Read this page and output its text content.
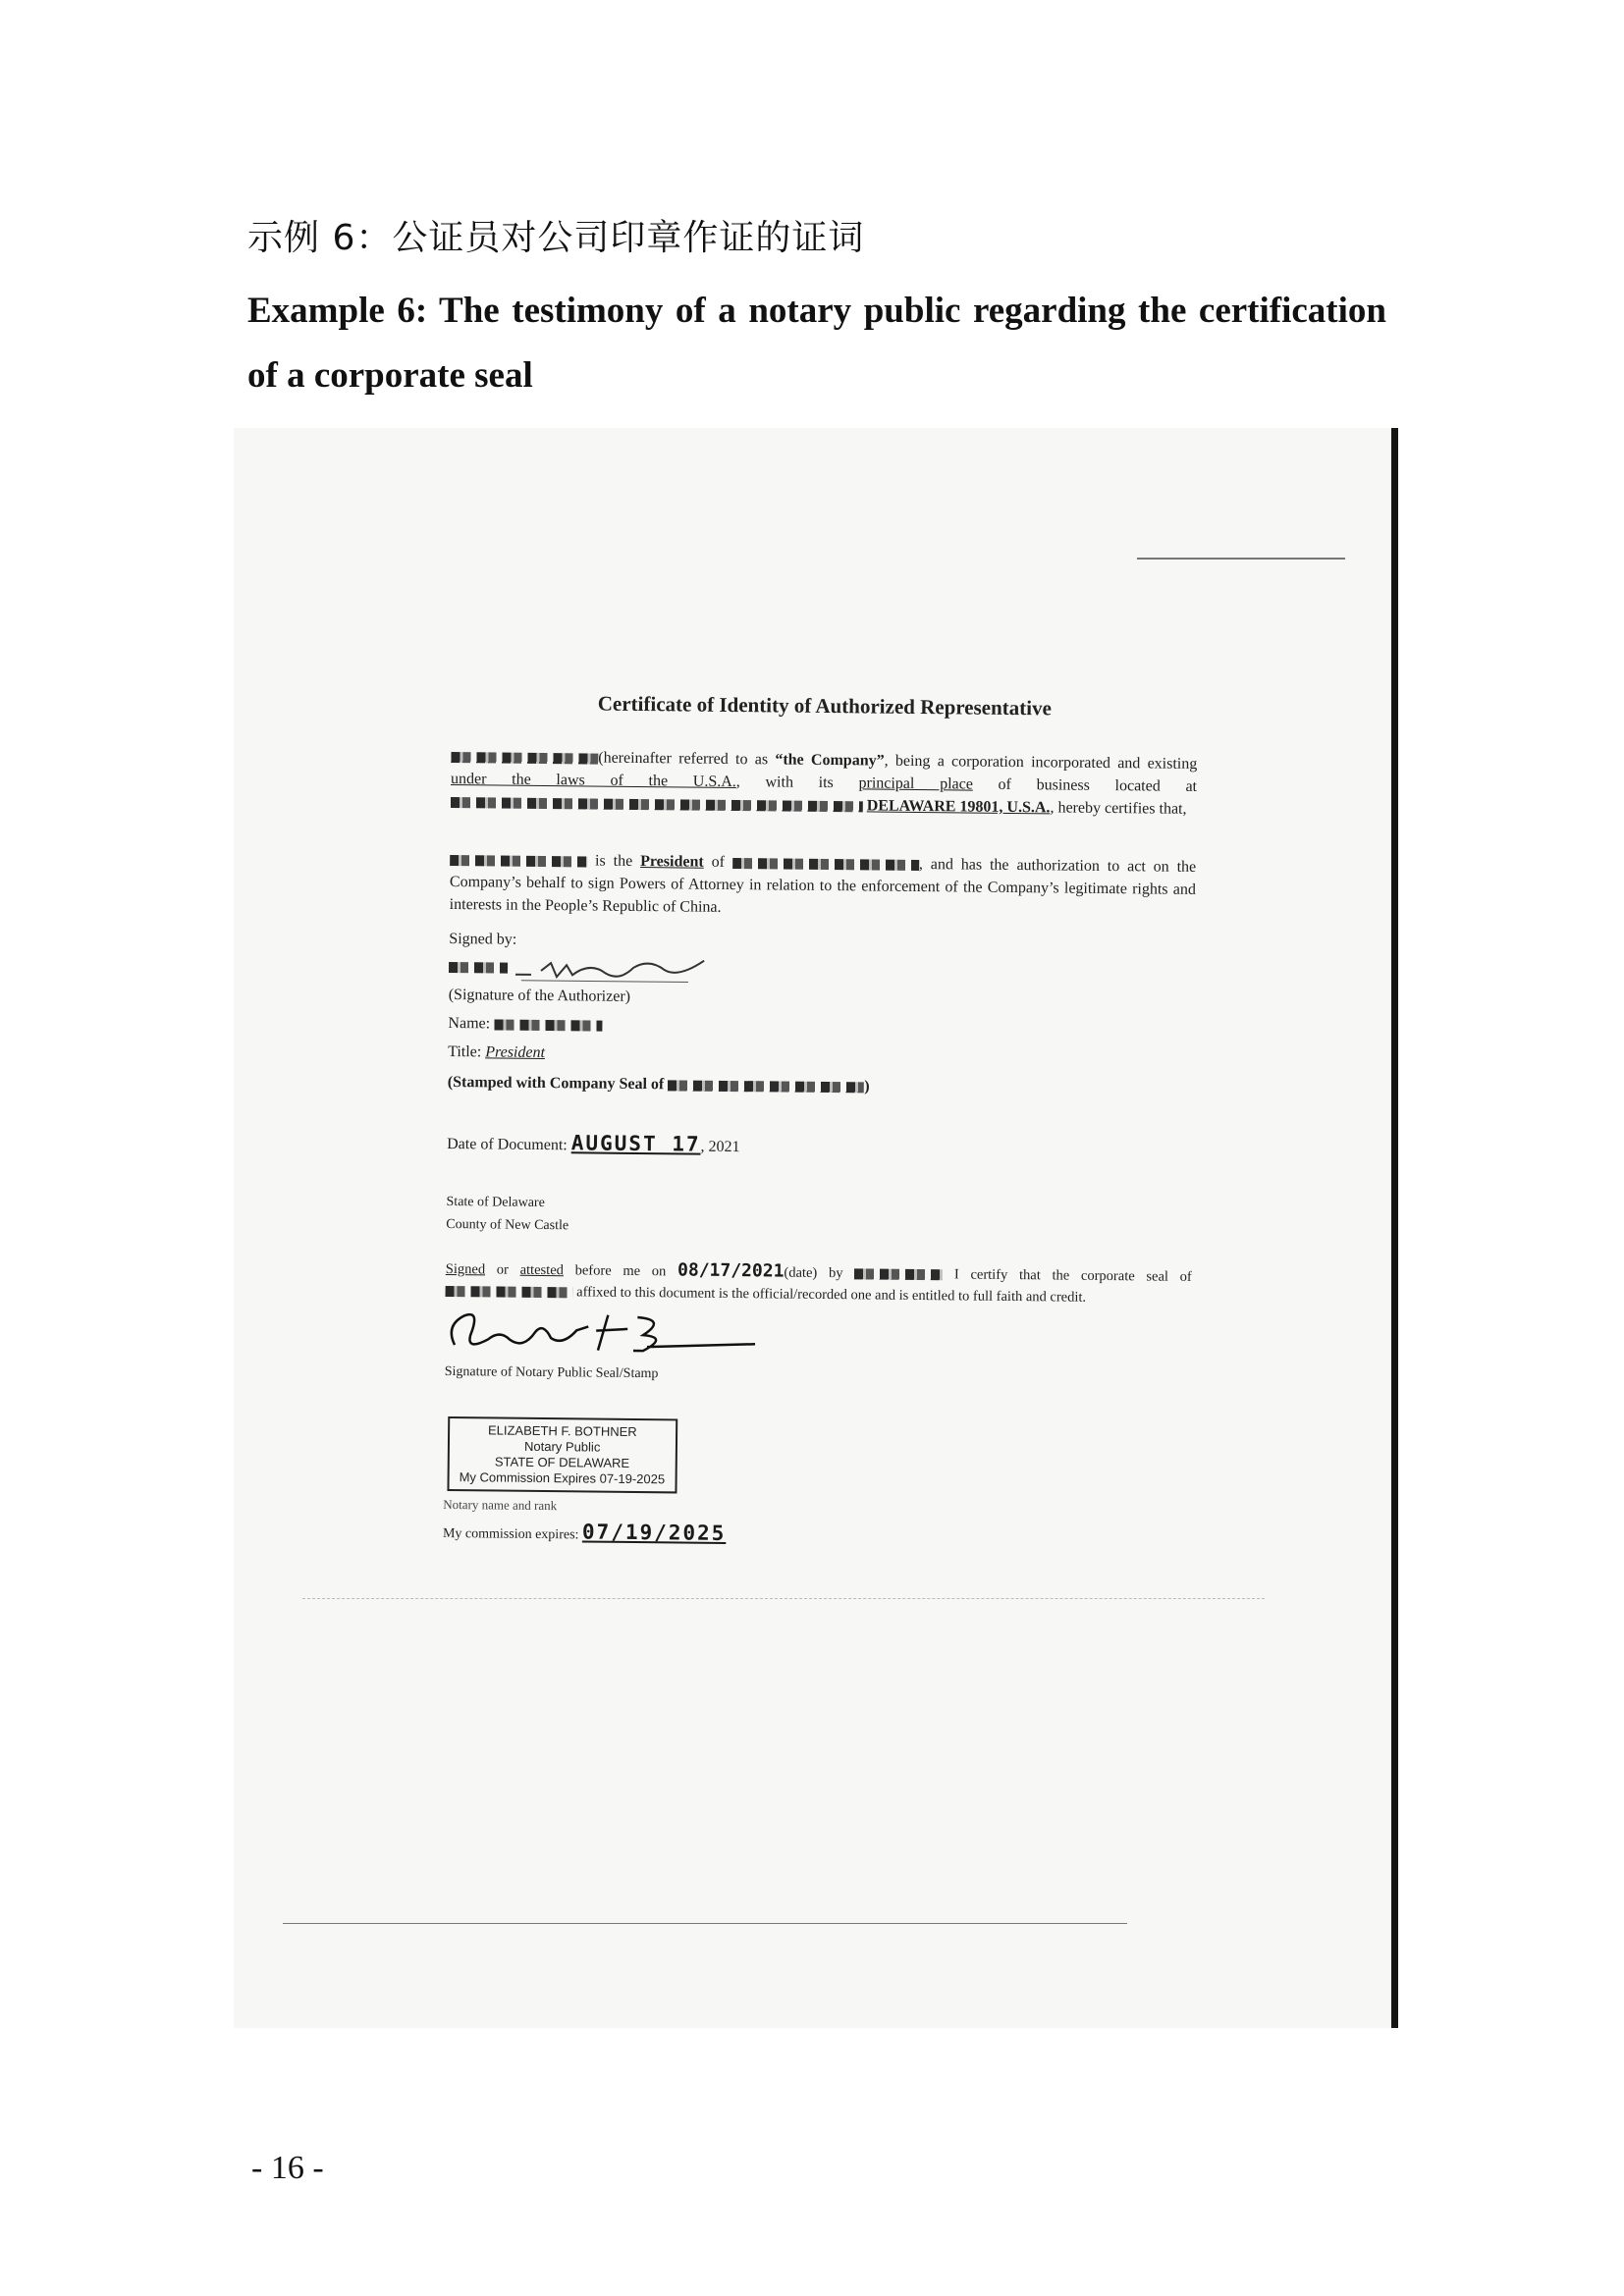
示例 6：公证员对公司印章作证的证词
Example 6: The testimony of a notary public regarding the certification of a corporate seal
Certificate of Identity of Authorized Representative

(hereinafter referred to as “the Company”, being a corporation incorporated and existing under the laws of the U.S.A., with its principal place of business located at  DELAWARE 19801, U.S.A., hereby certifies that,

is the President of	, and has the authorization to act on the Company’s behalf to sign Powers of Attorney in relation to the enforcement of the Company’s legitimate rights and interests in the People’s Republic of China.

Signed by:

(Signature of the Authorizer)

Name:

Title: President

(Stamped with Company Seal of	)

Date of Document: AUGUST 17, 2021

State of Delaware

County of New Castle

Signed or attested before me on 08/17/2021(date) by	I certify that the corporate seal of  affixed to this document is the official/recorded one and is entitled to full faith and credit.

Signature of Notary Public Seal/Stamp

ELIZABETH F. BOTHNER
Notary Public
STATE OF DELAWARE
My Commission Expires 07-19-2025
Notary name and rank

My commission expires: 07/19/2025

- 16 -
